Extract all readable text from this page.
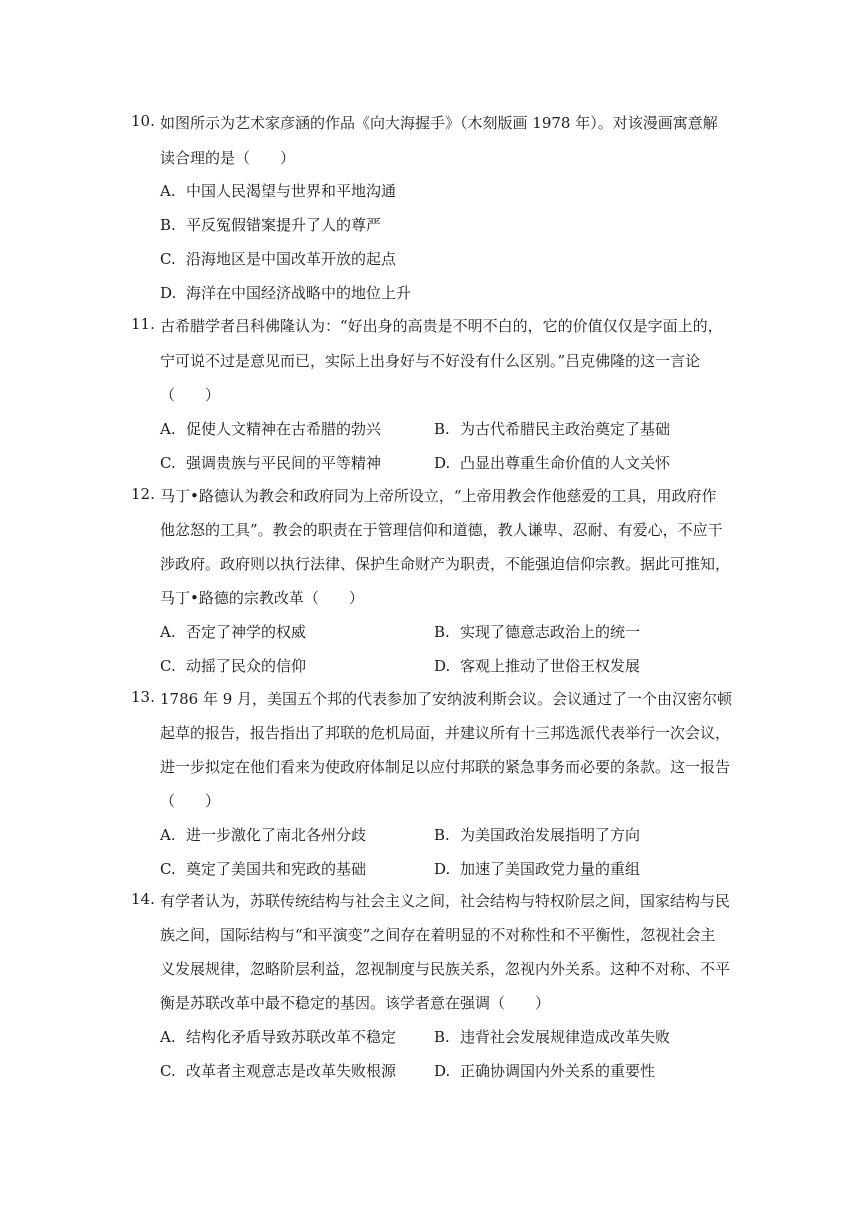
10. 如图所示为艺术家彦涵的作品《向大海握手》（木刻版画 1978 年）。对该漫画寓意解
读合理的是（　　）
A. 中国人民渴望与世界和平地沟通
B. 平反冤假错案提升了人的尊严
C. 沿海地区是中国改革开放的起点
D. 海洋在中国经济战略中的地位上升
11. 古希腊学者吕科佛隆认为：“好出身的高贵是不明不白的，它的价值仅仅是字面上的，
宁可说不过是意见而已，实际上出身好与不好没有什么区别。”吕克佛隆的这一言论
（　　）
A. 促使人文精神在古希腊的勃兴	B. 为古代希腊民主政治奠定了基础
C. 强调贵族与平民间的平等精神	D. 凸显出尊重生命价值的人文关怀
12. 马丁•路德认为教会和政府同为上帝所设立，“上帝用教会作他慈爱的工具，用政府作
他忿怒的工具”。教会的职责在于管理信仰和道德，教人谦卑、忍耐、有爱心，不应干
涉政府。政府则以执行法律、保护生命财产为职责，不能强迫信仰宗教。据此可推知，
马丁•路德的宗教改革（　　）
A. 否定了神学的权威	B. 实现了德意志政治上的统一
C. 动摇了民众的信仰	D. 客观上推动了世俗王权发展
13. 1786 年 9 月，美国五个邦的代表参加了安纳波利斯会议。会议通过了一个由汉密尔顿
起草的报告，报告指出了邦联的危机局面，并建议所有十三邦选派代表举行一次会议，
进一步拟定在他们看来为使政府体制足以应付邦联的紧急事务而必要的条款。这一报告
（　　）
A. 进一步激化了南北各州分歧	B. 为美国政治发展指明了方向
C. 奠定了美国共和宪政的基础	D. 加速了美国政党力量的重组
14. 有学者认为，苏联传统结构与社会主义之间，社会结构与特权阶层之间，国家结构与民
族之间，国际结构与“和平演变”之间存在着明显的不对称性和不平衡性，忽视社会主
义发展规律，忽略阶层利益，忽视制度与民族关系，忽视内外关系。这种不对称、不平
衡是苏联改革中最不稳定的基因。该学者意在强调（　　）
A. 结构化矛盾导致苏联改革不稳定	B. 违背社会发展规律造成改革失败
C. 改革者主观意志是改革失败根源	D. 正确协调国内外关系的重要性
